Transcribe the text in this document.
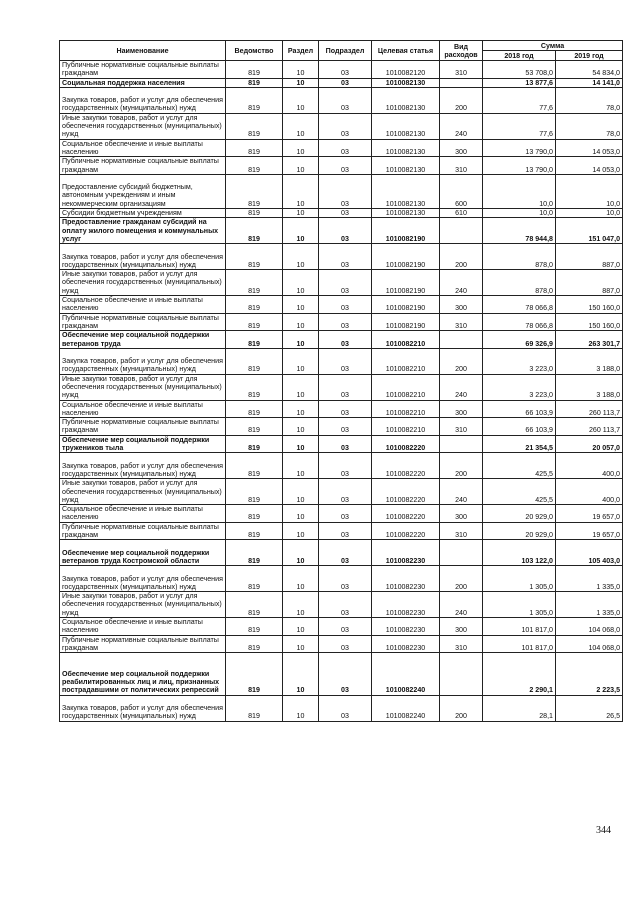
Наименование	Ведомство	Раздел	Подраздел	Целевая статья	Вид расходов	Сумма	
						2018 год	2019 год
Публичные нормативные социальные выплаты гражданам	819	10	03	1010082120	310	53 708,0	54 834,0
Социальная поддержка населения	819	10	03	1010082130		13 877,6	14 141,0
Закупка товаров, работ и услуг для обеспечения государственных (муниципальных) нужд	819	10	03	1010082130	200	77,6	78,0
Иные закупки товаров, работ и услуг для обеспечения государственных (муниципальных) нужд	819	10	03	1010082130	240	77,6	78,0
Социальное обеспечение и иные выплаты населению	819	10	03	1010082130	300	13 790,0	14 053,0
Публичные нормативные социальные выплаты гражданам	819	10	03	1010082130	310	13 790,0	14 053,0
Предоставление субсидий бюджетным, автономным учреждениям и иным некоммерческим организациям	819	10	03	1010082130	600	10,0	10,0
Субсидии бюджетным учреждениям	819	10	03	1010082130	610	10,0	10,0
Предоставление гражданам субсидий на оплату жилого помещения и коммунальных услуг	819	10	03	1010082190		78 944,8	151 047,0
Закупка товаров, работ и услуг для обеспечения государственных (муниципальных) нужд	819	10	03	1010082190	200	878,0	887,0
Иные закупки товаров, работ и услуг для обеспечения государственных (муниципальных) нужд	819	10	03	1010082190	240	878,0	887,0
Социальное обеспечение и иные выплаты населению	819	10	03	1010082190	300	78 066,8	150 160,0
Публичные нормативные социальные выплаты гражданам	819	10	03	1010082190	310	78 066,8	150 160,0
Обеспечение мер социальной поддержки ветеранов труда	819	10	03	1010082210		69 326,9	263 301,7
Закупка товаров, работ и услуг для обеспечения государственных (муниципальных) нужд	819	10	03	1010082210	200	3 223,0	3 188,0
Иные закупки товаров, работ и услуг для обеспечения государственных (муниципальных) нужд	819	10	03	1010082210	240	3 223,0	3 188,0
Социальное обеспечение и иные выплаты населению	819	10	03	1010082210	300	66 103,9	260 113,7
Публичные нормативные социальные выплаты гражданам	819	10	03	1010082210	310	66 103,9	260 113,7
Обеспечение мер социальной поддержки тружеников тыла	819	10	03	1010082220		21 354,5	20 057,0
Закупка товаров, работ и услуг для обеспечения государственных (муниципальных) нужд	819	10	03	1010082220	200	425,5	400,0
Иные закупки товаров, работ и услуг для обеспечения государственных (муниципальных) нужд	819	10	03	1010082220	240	425,5	400,0
Социальное обеспечение и иные выплаты населению	819	10	03	1010082220	300	20 929,0	19 657,0
Публичные нормативные социальные выплаты гражданам	819	10	03	1010082220	310	20 929,0	19 657,0
Обеспечение мер социальной поддержки ветеранов труда Костромской области	819	10	03	1010082230		103 122,0	105 403,0
Закупка товаров, работ и услуг для обеспечения государственных (муниципальных) нужд	819	10	03	1010082230	200	1 305,0	1 335,0
Иные закупки товаров, работ и услуг для обеспечения государственных (муниципальных) нужд	819	10	03	1010082230	240	1 305,0	1 335,0
Социальное обеспечение и иные выплаты населению	819	10	03	1010082230	300	101 817,0	104 068,0
Публичные нормативные социальные выплаты гражданам	819	10	03	1010082230	310	101 817,0	104 068,0
Обеспечение мер социальной поддержки реабилитированных лиц и лиц, признанных пострадавшими от политических репрессий	819	10	03	1010082240		2 290,1	2 223,5
Закупка товаров, работ и услуг для обеспечения государственных (муниципальных) нужд	819	10	03	1010082240	200	28,1	26,5
344
